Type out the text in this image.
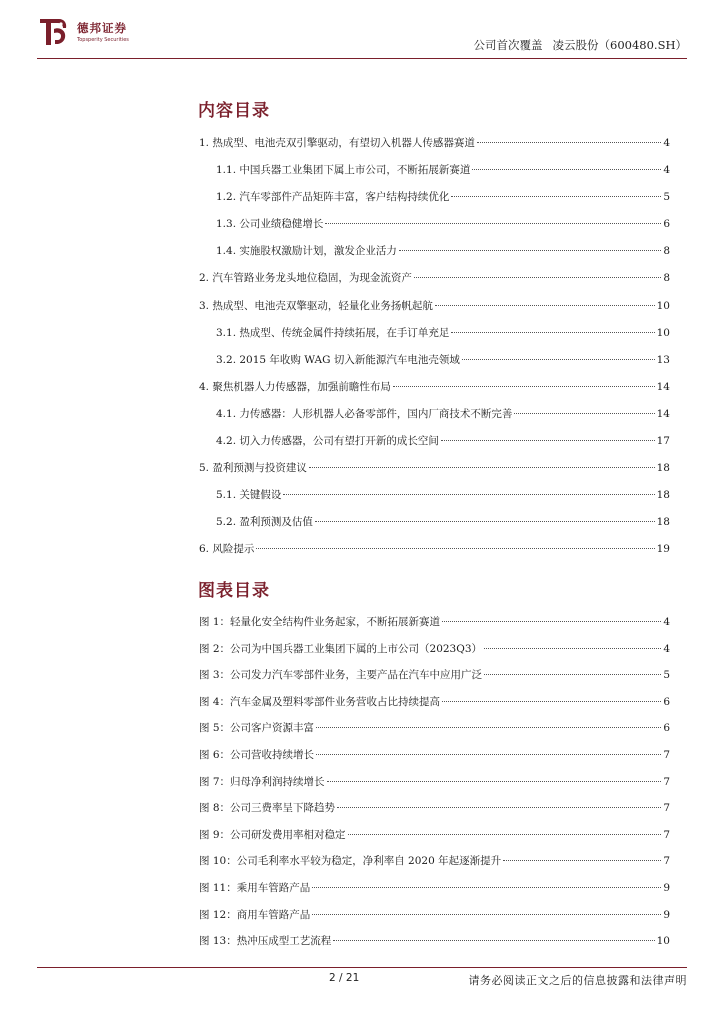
德邦证券
Topsperity Securities	公司首次覆盖 凌云股份（600480.SH）
内容目录
1. 热成型、电池壳双引擎驱动，有望切入机器人传感器赛道	4
1.1. 中国兵器工业集团下属上市公司，不断拓展新赛道	4
1.2. 汽车零部件产品矩阵丰富，客户结构持续优化	5
1.3. 公司业绩稳健增长	6
1.4. 实施股权激励计划，激发企业活力	8
2. 汽车管路业务龙头地位稳固，为现金流资产	8
3. 热成型、电池壳双擎驱动，轻量化业务扬帆起航	10
3.1. 热成型、传统金属件持续拓展，在手订单充足	10
3.2. 2015 年收购 WAG 切入新能源汽车电池壳领域	13
4. 聚焦机器人力传感器，加强前瞻性布局	14
4.1. 力传感器：人形机器人必备零部件，国内厂商技术不断完善	14
4.2. 切入力传感器，公司有望打开新的成长空间	17
5. 盈利预测与投资建议	18
5.1. 关键假设	18
5.2. 盈利预测及估值	18
6. 风险提示	19
图表目录
图 1：轻量化安全结构件业务起家，不断拓展新赛道	4
图 2：公司为中国兵器工业集团下属的上市公司（2023Q3）	4
图 3：公司发力汽车零部件业务，主要产品在汽车中应用广泛	5
图 4：汽车金属及塑料零部件业务营收占比持续提高	6
图 5：公司客户资源丰富	6
图 6：公司营收持续增长	7
图 7：归母净利润持续增长	7
图 8：公司三费率呈下降趋势	7
图 9：公司研发费用率相对稳定	7
图 10：公司毛利率水平较为稳定，净利率自 2020 年起逐渐提升	7
图 11：乘用车管路产品	9
图 12：商用车管路产品	9
图 13：热冲压成型工艺流程	10
2 / 21	请务必阅读正文之后的信息披露和法律声明
